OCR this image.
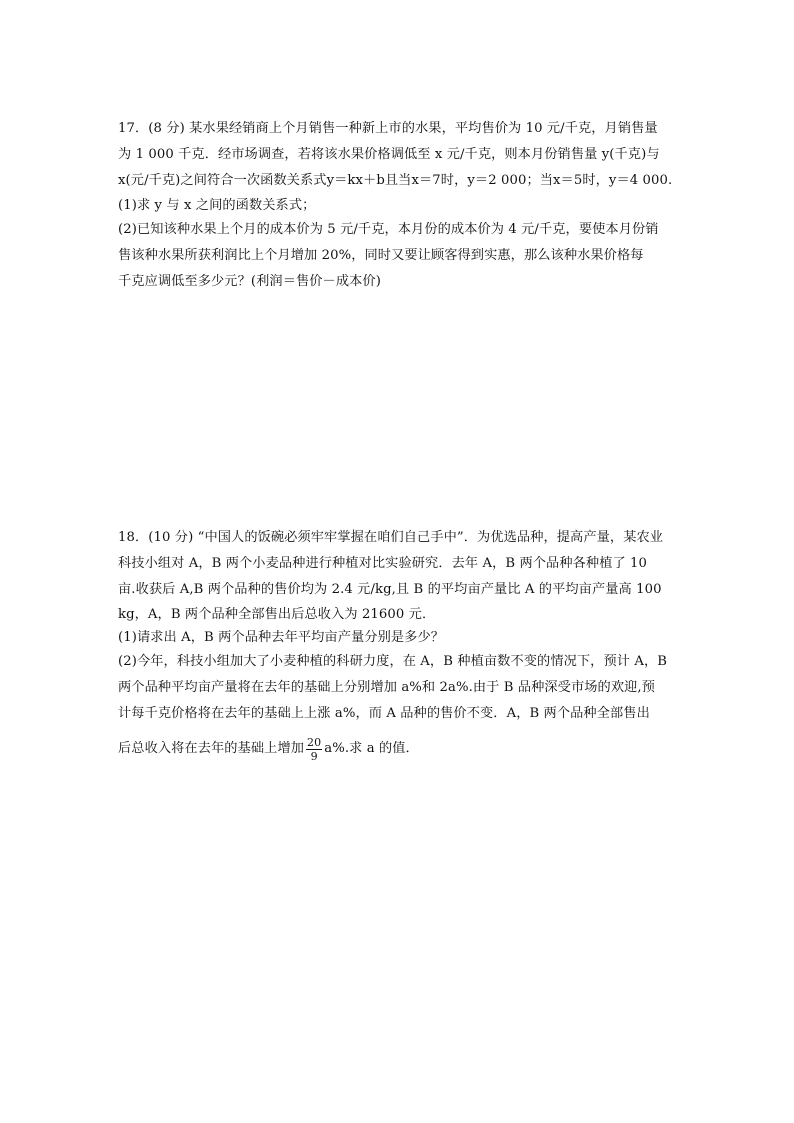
17．(8 分) 某水果经销商上个月销售一种新上市的水果，平均售价为 10 元/千克，月销售量
为 1 000 千克．经市场调查，若将该水果价格调低至 x 元/千克，则本月份销售量 y(千克)与
x(元/千克)之间符合一次函数关系式y＝kx＋b且当x＝7时，y＝2 000；当x＝5时，y＝4 000.
(1)求 y 与 x 之间的函数关系式；
(2)已知该种水果上个月的成本价为 5 元/千克，本月份的成本价为 4 元/千克，要使本月份销
售该种水果所获利润比上个月增加 20%，同时又要让顾客得到实惠，那么该种水果价格每
千克应调低至多少元？(利润＝售价－成本价)
18．(10 分) “中国人的饭碗必须牢牢掌握在咱们自己手中”．为优选品种，提高产量，某农业
科技小组对 A，B 两个小麦品种进行种植对比实验研究．去年 A，B 两个品种各种植了 10
亩.收获后 A,B 两个品种的售价均为 2.4 元/kg,且 B 的平均亩产量比 A 的平均亩产量高 100
kg，A，B 两个品种全部售出后总收入为 21600 元．
(1)请求出 A，B 两个品种去年平均亩产量分别是多少？
(2)今年，科技小组加大了小麦种植的科研力度，在 A，B 种植亩数不变的情况下，预计 A，B
两个品种平均亩产量将在去年的基础上分别增加 a%和 2a%.由于 B 品种深受市场的欢迎,预
计每千克价格将在去年的基础上上涨 a%，而 A 品种的售价不变．A，B 两个品种全部售出
后总收入将在去年的基础上增加 $\frac{20}{9} a\%$.求 a 的值．
